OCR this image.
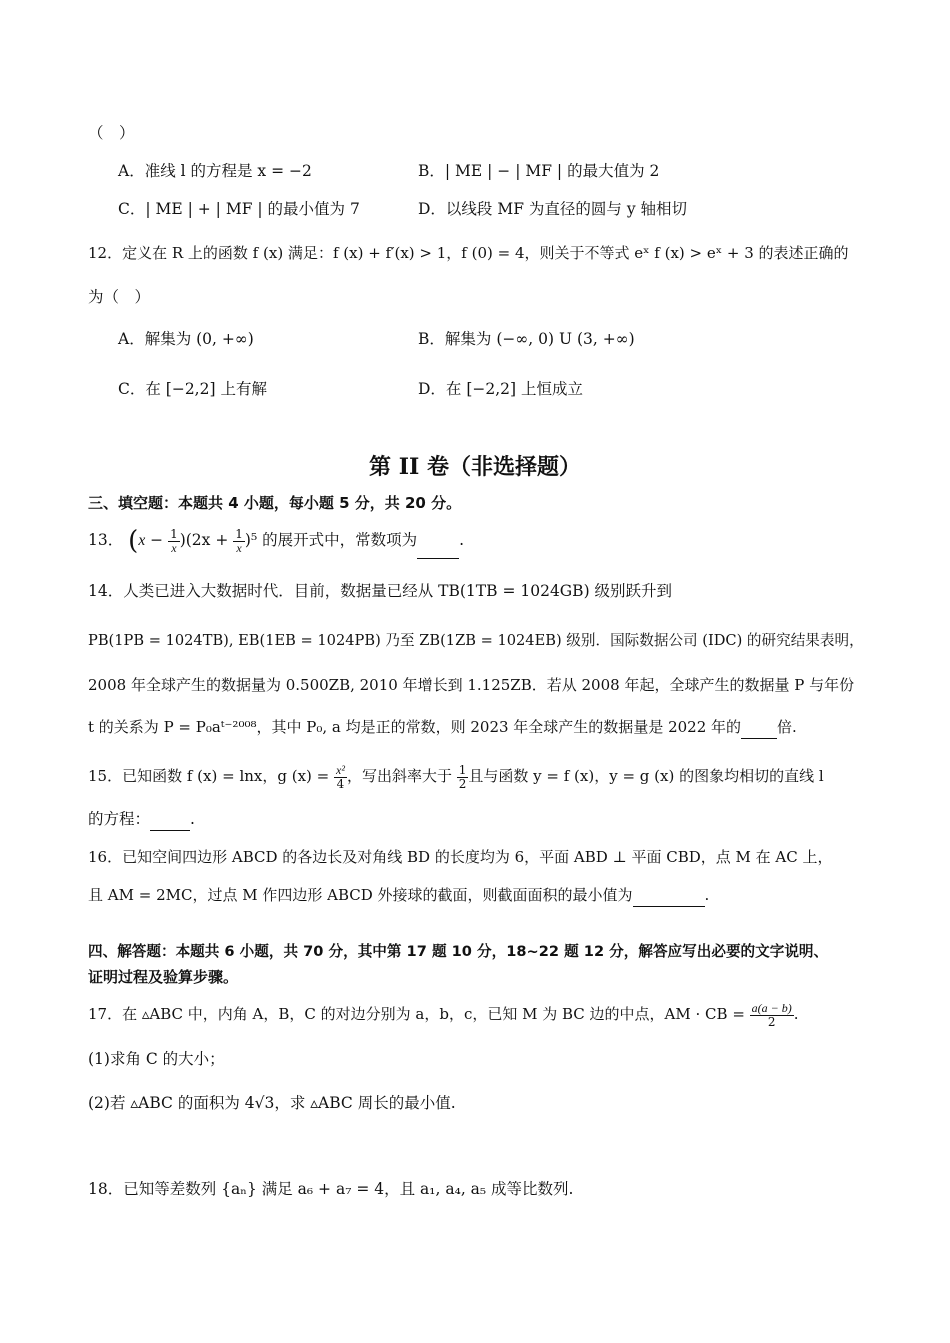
（　）
A．准线 l 的方程是 x = −2	B．| ME | − | MF | 的最大值为 2
C．| ME | + | MF | 的最小值为 7	D．以线段 MF 为直径的圆与 y 轴相切
12．定义在 R 上的函数 f (x) 满足：f (x) + f′(x) > 1，f (0) = 4，则关于不等式 eˣ f (x) > eˣ + 3 的表述正确的
为（　）
A．解集为 (0, +∞)	B．解集为 (−∞, 0) U (3, +∞)
C．在 [−2,2] 上有解	D．在 [−2,2] 上恒成立
第 II 卷（非选择题）
三、填空题：本题共 4 小题，每小题 5 分，共 20 分。
13． $(x - \frac{1}{x} )(2x + \frac{1}{x} )^5$ 的展开式中，常数项为	.
14．人类已进入大数据时代．目前，数据量已经从 TB(1TB = 1024GB) 级别跃升到
PB(1PB = 1024TB), EB(1EB = 1024PB) 乃至 ZB(1ZB = 1024EB) 级别．国际数据公司 (IDC) 的研究结果表明，
2008 年全球产生的数据量为 0.500ZB, 2010 年增长到 1.125ZB．若从 2008 年起，全球产生的数据量 P 与年份
t 的关系为 P = P₀aᵗ⁻²⁰⁰⁸，其中 P₀, a 均是正的常数，则 2023 年全球产生的数据量是 2022 年的 倍.
15．已知函数 f (x) = lnx，g $(x) = \frac{\text{x²}}{4}$ ，写出斜率大于 $\frac{1}{2}$ 且与函数 y = f (x)，y = g (x) 的图象均相切的直线 l
的方程：	.
16．已知空间四边形 ABCD 的各边长及对角线 BD 的长度均为 6，平面 ABD ⊥ 平面 CBD，点 M 在 AC 上，
且 AM = 2MC，过点 M 作四边形 ABCD 外接球的截面，则截面面积的最小值为	.
四、解答题：本题共 6 小题，共 70 分，其中第 17 题 10 分，18~22 题 12 分，解答应写出必要的文字说明、
证明过程及验算步骤。
17．在 ▵ABC 中，内角 A，B，C 的对边分别为 a，b，c，已知 M 为 BC 边的中点，AM · CB = $\frac{a(a - b)}{2}$ .
(1)求角 C 的大小；
(2)若 ▵ABC 的面积为 4√3，求 ▵ABC 周长的最小值.
18．已知等差数列 {aₙ} 满足 a₆ + a₇ = 4，且 a₁, a₄, a₅ 成等比数列.
